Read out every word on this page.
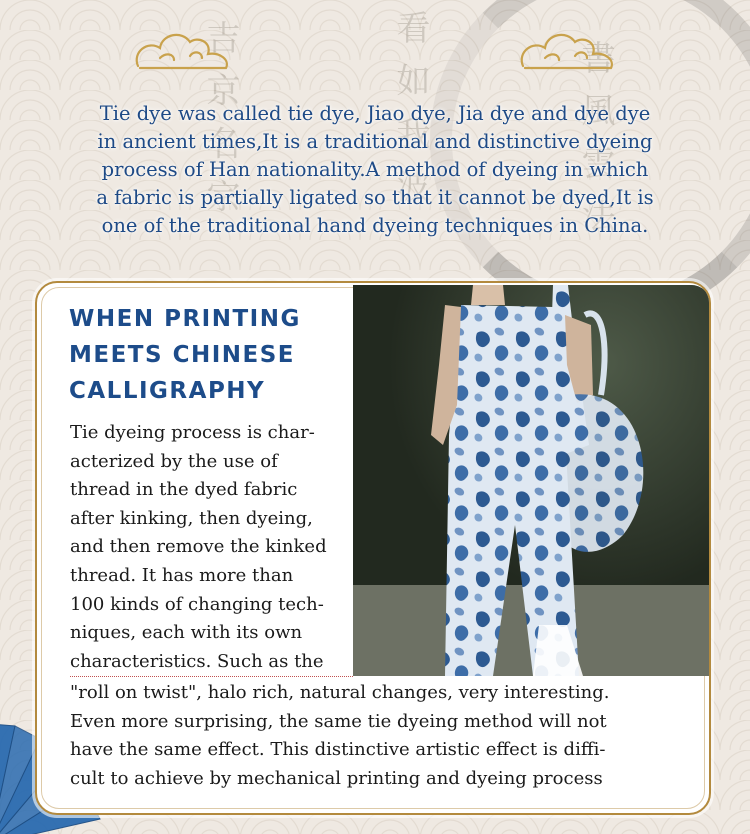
吉 京 名 宗	看 如 我 波	書 風 雲 法
Tie dye was called tie dye, Jiao dye, Jia dye and dye dye
in ancient times,It is a traditional and distinctive dyeing
process of Han nationality.A method of dyeing in which
a fabric is partially ligated so that it cannot be dyed,It is
one of the traditional hand dyeing techniques in China.
WHEN PRINTING
MEETS CHINESE
CALLIGRAPHY
Tie dyeing process is char-
acterized by the use of
thread in the dyed fabric
after kinking, then dyeing,
and then remove the kinked
thread. It has more than
100 kinds of changing tech-
niques, each with its own
characteristics. Such as the
"roll on twist", halo rich, natural changes, very interesting.
Even more surprising, the same tie dyeing method will not
have the same effect. This distinctive artistic effect is diffi-
cult to achieve by mechanical printing and dyeing process
